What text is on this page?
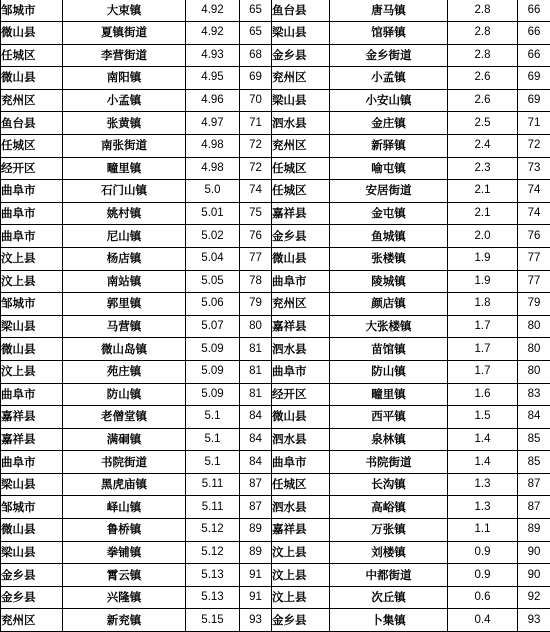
邹城市	大束镇	4.92	65	鱼台县	唐马镇	2.8	66
微山县	夏镇街道	4.92	65	梁山县	馆驿镇	2.8	66
任城区	李营街道	4.93	68	金乡县	金乡街道	2.8	66
微山县	南阳镇	4.95	69	兖州区	小孟镇	2.6	69
兖州区	小孟镇	4.96	70	梁山县	小安山镇	2.6	69
鱼台县	张黄镇	4.97	71	泗水县	金庄镇	2.5	71
任城区	南张街道	4.98	72	兖州区	新驿镇	2.4	72
经开区	疃里镇	4.98	72	任城区	喻屯镇	2.3	73
曲阜市	石门山镇	5.0	74	任城区	安居街道	2.1	74
曲阜市	姚村镇	5.01	75	嘉祥县	金屯镇	2.1	74
曲阜市	尼山镇	5.02	76	金乡县	鱼城镇	2.0	76
汶上县	杨店镇	5.04	77	微山县	张楼镇	1.9	77
汶上县	南站镇	5.05	78	曲阜市	陵城镇	1.9	77
邹城市	郭里镇	5.06	79	兖州区	颜店镇	1.8	79
梁山县	马营镇	5.07	80	嘉祥县	大张楼镇	1.7	80
微山县	微山岛镇	5.09	81	泗水县	苗馆镇	1.7	80
汶上县	苑庄镇	5.09	81	曲阜市	防山镇	1.7	80
曲阜市	防山镇	5.09	81	经开区	疃里镇	1.6	83
嘉祥县	老僧堂镇	5.1	84	微山县	西平镇	1.5	84
嘉祥县	满硐镇	5.1	84	泗水县	泉林镇	1.4	85
曲阜市	书院街道	5.1	84	曲阜市	书院街道	1.4	85
梁山县	黑虎庙镇	5.11	87	任城区	长沟镇	1.3	87
邹城市	峄山镇	5.11	87	泗水县	高峪镇	1.3	87
微山县	鲁桥镇	5.12	89	嘉祥县	万张镇	1.1	89
梁山县	拳铺镇	5.12	89	汶上县	刘楼镇	0.9	90
金乡县	霄云镇	5.13	91	汶上县	中都街道	0.9	90
金乡县	兴隆镇	5.13	91	汶上县	次丘镇	0.6	92
兖州区	新兖镇	5.15	93	金乡县	卜集镇	0.4	93
